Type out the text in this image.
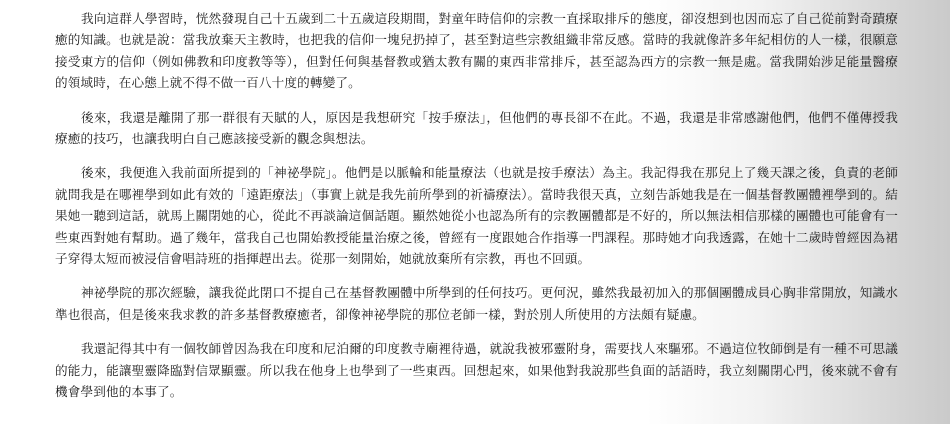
我向這群人學習時，恍然發現自己十五歲到二十五歲這段期間，對童年時信仰的宗教一直採取排斥的態度，卻沒想到也因而忘了自己從前對奇蹟療癒的知識。也就是說：當我放棄天主教時，也把我的信仰一塊兒扔掉了，甚至對這些宗教組織非常反感。當時的我就像許多年紀相仿的人一樣，很願意接受東方的信仰（例如佛教和印度教等等），但對任何與基督教或猶太教有關的東西非常排斥，甚至認為西方的宗教一無是處。當我開始涉足能量醫療的領域時，在心態上就不得不做一百八十度的轉變了。

後來，我還是離開了那一群很有天賦的人，原因是我想研究「按手療法」，但他們的專長卻不在此。不過，我還是非常感謝他們，他們不僅傳授我療癒的技巧，也讓我明白自己應該接受新的觀念與想法。

後來，我便進入我前面所提到的「神祕學院」。他們是以脈輪和能量療法（也就是按手療法）為主。我記得我在那兒上了幾天課之後，負責的老師就問我是在哪裡學到如此有效的「遠距療法」（事實上就是我先前所學到的祈禱療法）。當時我很天真，立刻告訴她我是在一個基督教團體裡學到的。結果她一聽到這話，就馬上關閉她的心，從此不再談論這個話題。顯然她從小也認為所有的宗教團體都是不好的，所以無法相信那樣的團體也可能會有一些東西對她有幫助。過了幾年，當我自己也開始教授能量治療之後，曾經有一度跟她合作指導一門課程。那時她才向我透露，在她十二歲時曾經因為裙子穿得太短而被浸信會唱詩班的指揮趕出去。從那一刻開始，她就放棄所有宗教，再也不回頭。

神祕學院的那次經驗，讓我從此閉口不提自己在基督教團體中所學到的任何技巧。更何況，雖然我最初加入的那個團體成員心胸非常開放，知識水準也很高，但是後來我求教的許多基督教療癒者，卻像神祕學院的那位老師一樣，對於別人所使用的方法頗有疑慮。

我還記得其中有一個牧師曾因為我在印度和尼泊爾的印度教寺廟裡待過，就說我被邪靈附身，需要找人來驅邪。不過這位牧師倒是有一種不可思議的能力，能讓聖靈降臨對信眾顯靈。所以我在他身上也學到了一些東西。回想起來，如果他對我說那些負面的話語時，我立刻關閉心門，後來就不會有機會學到他的本事了。
